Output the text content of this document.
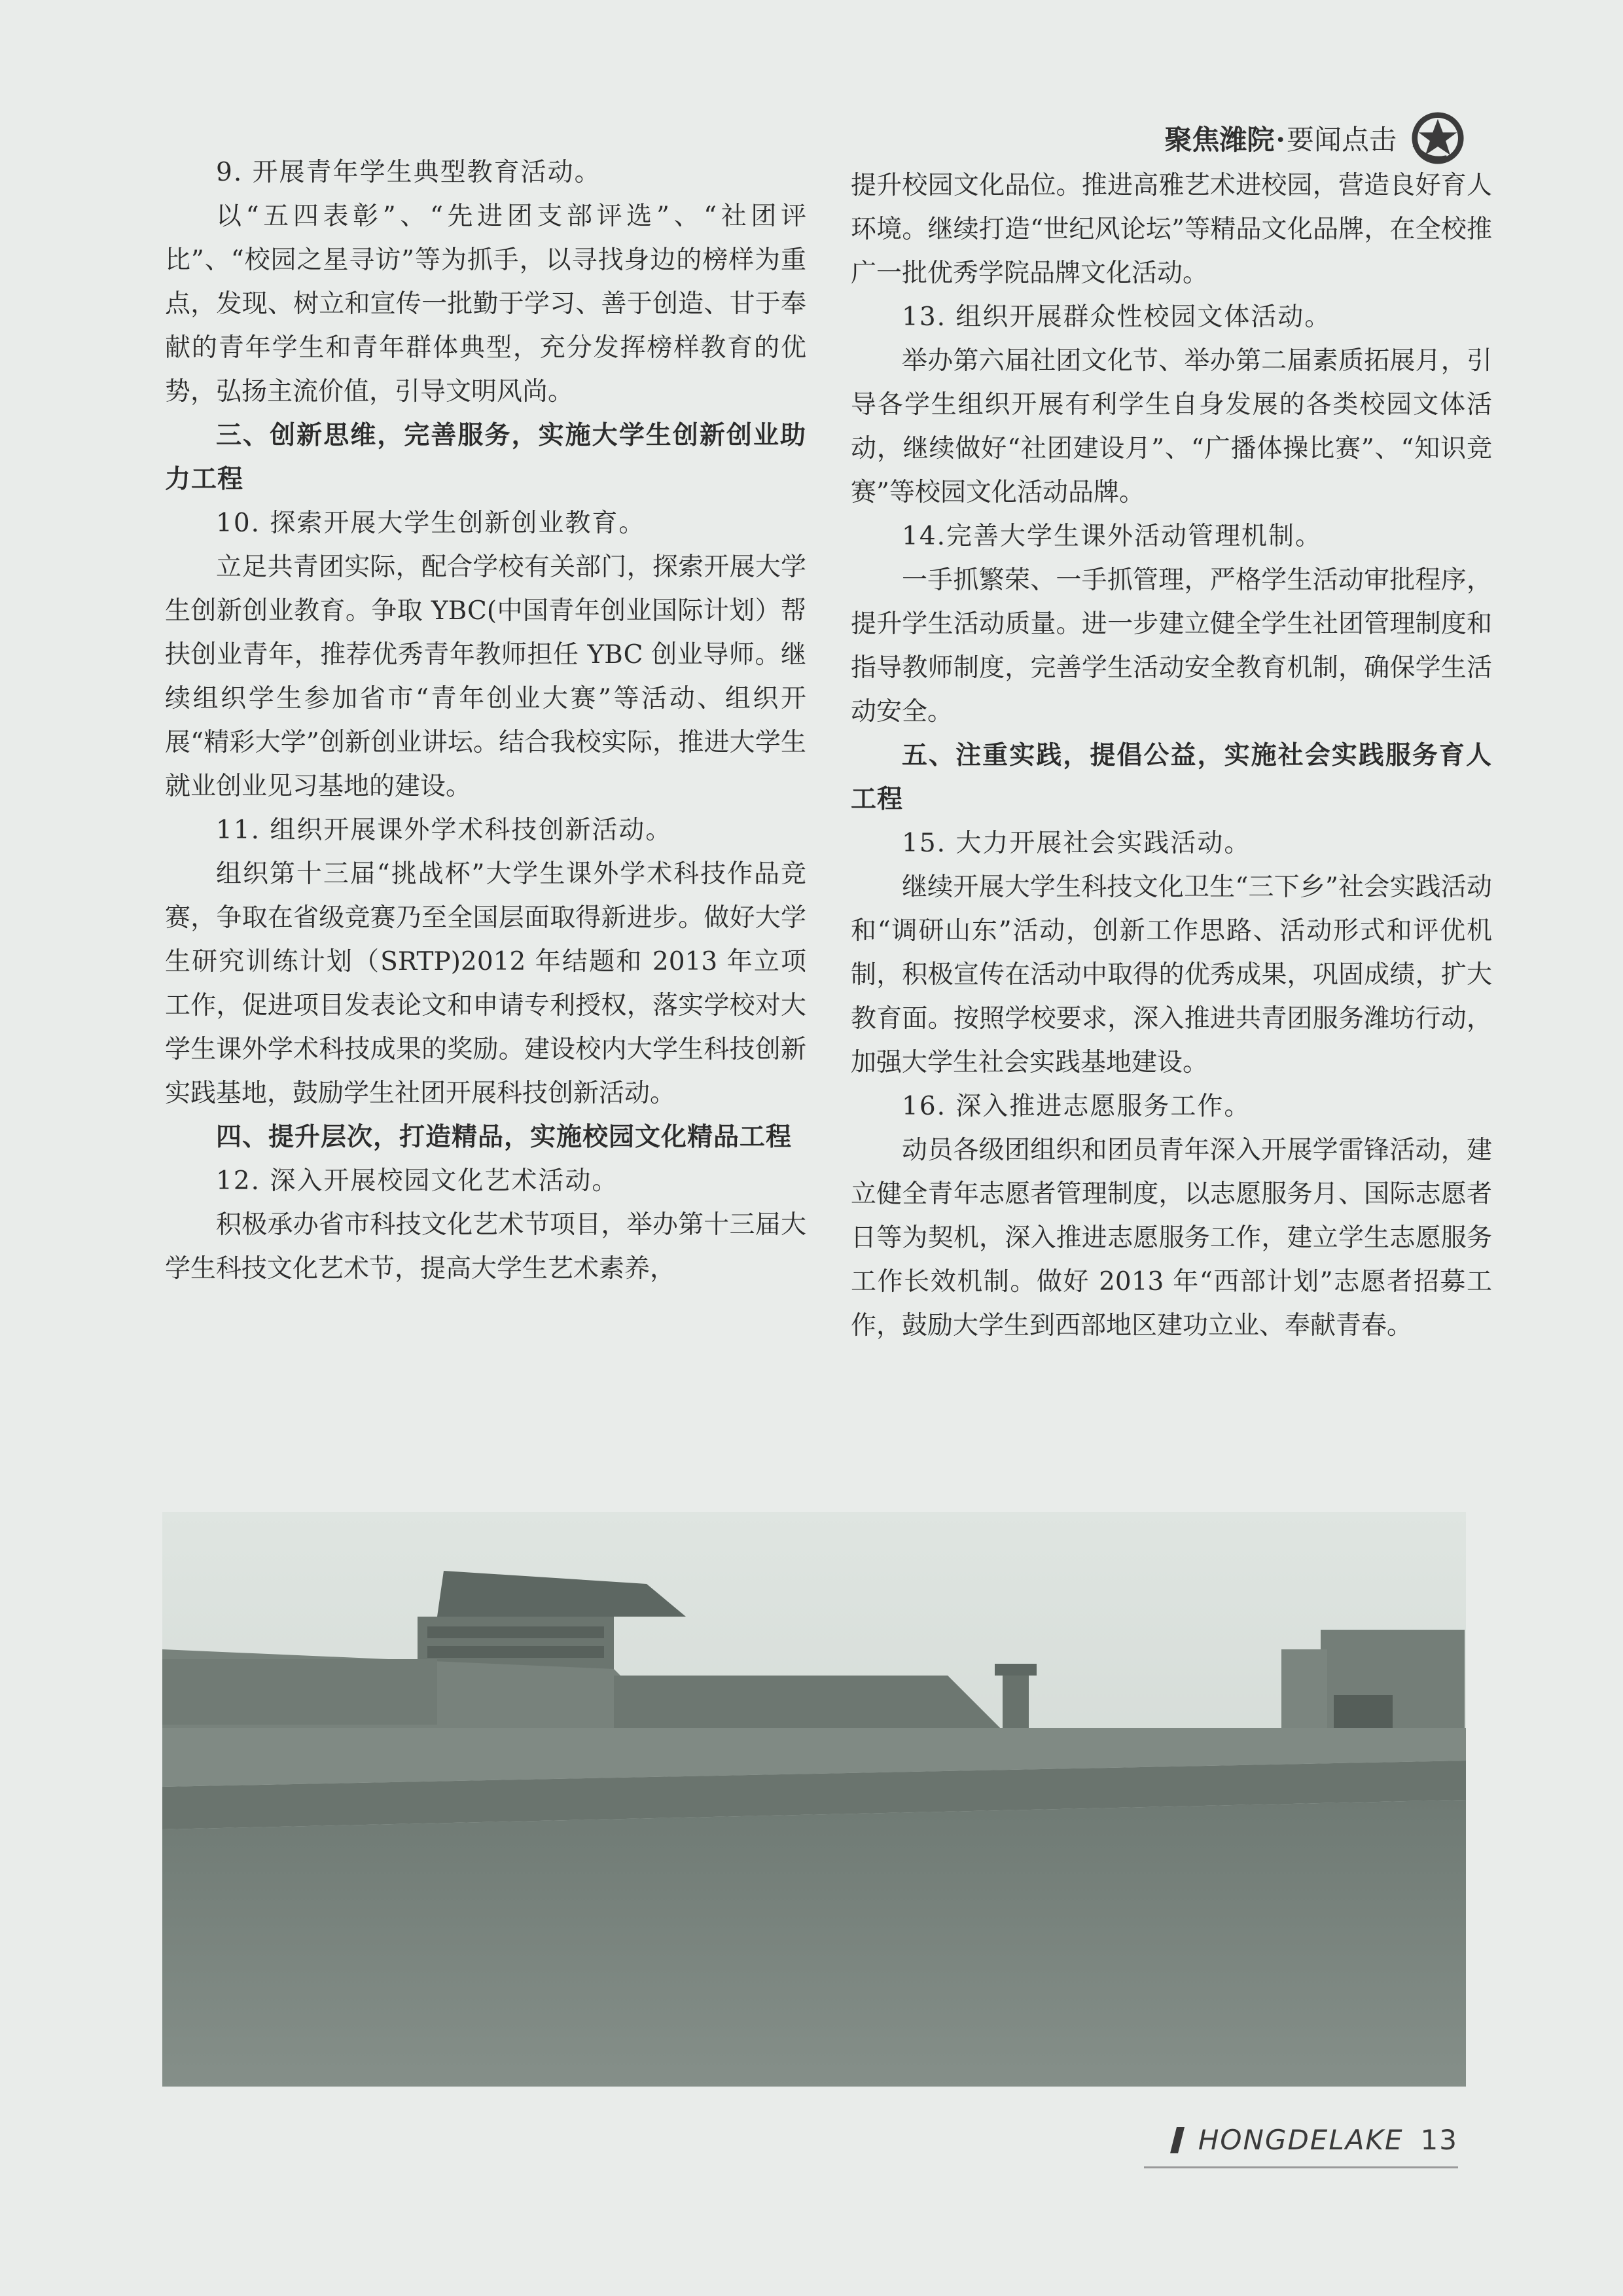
聚焦潍院·要闻点击

9. 开展青年学生典型教育活动。

以“五四表彰”、“先进团支部评选”、“社团评比”、“校园之星寻访”等为抓手，以寻找身边的榜样为重点，发现、树立和宣传一批勤于学习、善于创造、甘于奉献的青年学生和青年群体典型，充分发挥榜样教育的优势，弘扬主流价值，引导文明风尚。

三、创新思维，完善服务，实施大学生创新创业助力工程

10. 探索开展大学生创新创业教育。

立足共青团实际，配合学校有关部门，探索开展大学生创新创业教育。争取 YBC(中国青年创业国际计划）帮扶创业青年，推荐优秀青年教师担任 YBC 创业导师。继续组织学生参加省市“青年创业大赛”等活动、组织开展“精彩大学”创新创业讲坛。结合我校实际，推进大学生就业创业见习基地的建设。

11. 组织开展课外学术科技创新活动。

组织第十三届“挑战杯”大学生课外学术科技作品竞赛，争取在省级竞赛乃至全国层面取得新进步。做好大学生研究训练计划（SRTP)2012 年结题和 2013 年立项工作，促进项目发表论文和申请专利授权，落实学校对大学生课外学术科技成果的奖励。建设校内大学生科技创新实践基地，鼓励学生社团开展科技创新活动。

四、提升层次，打造精品，实施校园文化精品工程

12. 深入开展校园文化艺术活动。

积极承办省市科技文化艺术节项目，举办第十三届大学生科技文化艺术节，提高大学生艺术素养，

提升校园文化品位。推进高雅艺术进校园，营造良好育人环境。继续打造“世纪风论坛”等精品文化品牌，在全校推广一批优秀学院品牌文化活动。

13. 组织开展群众性校园文体活动。

举办第六届社团文化节、举办第二届素质拓展月，引导各学生组织开展有利学生自身发展的各类校园文体活动，继续做好“社团建设月”、“广播体操比赛”、“知识竞赛”等校园文化活动品牌。

14.完善大学生课外活动管理机制。

一手抓繁荣、一手抓管理，严格学生活动审批程序，提升学生活动质量。进一步建立健全学生社团管理制度和指导教师制度，完善学生活动安全教育机制，确保学生活动安全。

五、注重实践，提倡公益，实施社会实践服务育人工程

15. 大力开展社会实践活动。

继续开展大学生科技文化卫生“三下乡”社会实践活动和“调研山东”活动，创新工作思路、活动形式和评优机制，积极宣传在活动中取得的优秀成果，巩固成绩，扩大教育面。按照学校要求，深入推进共青团服务潍坊行动，加强大学生社会实践基地建设。

16. 深入推进志愿服务工作。

动员各级团组织和团员青年深入开展学雷锋活动，建立健全青年志愿者管理制度，以志愿服务月、国际志愿者日等为契机，深入推进志愿服务工作，建立学生志愿服务工作长效机制。做好 2013 年“西部计划”志愿者招募工作，鼓励大学生到西部地区建功立业、奉献青春。

HONGDELAKE 13
